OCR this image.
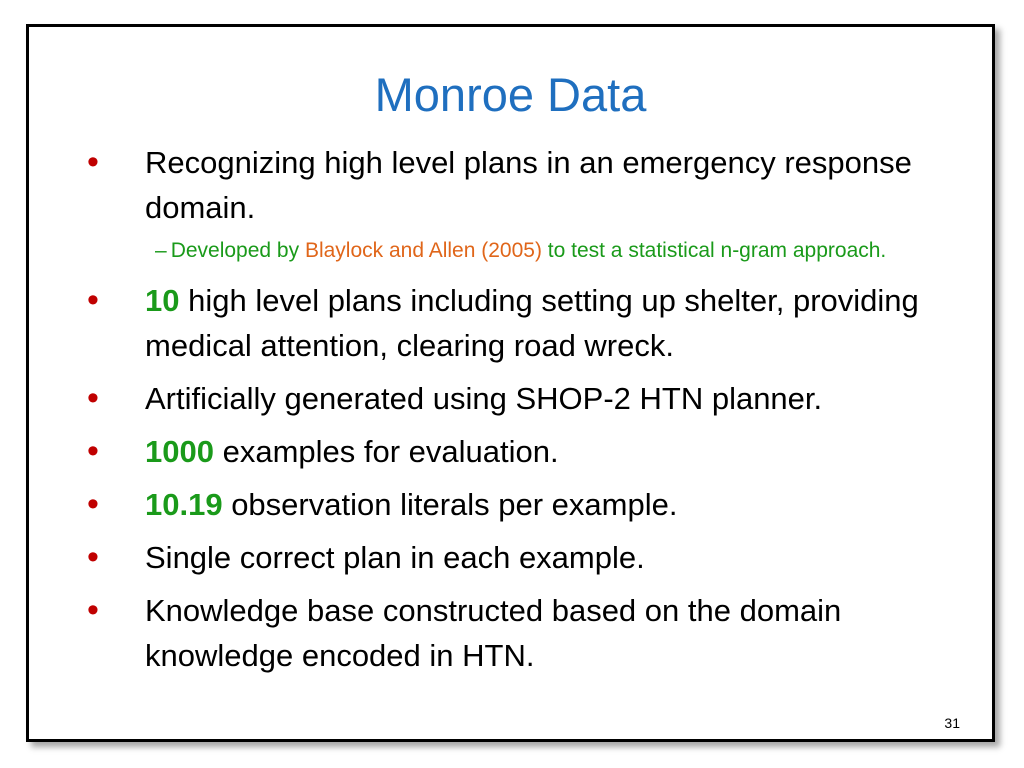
Monroe Data
• Recognizing high level plans in an emergency response domain.
– Developed by Blaylock and Allen (2005) to test a statistical n-gram approach.
• 10 high level plans including setting up shelter, providing medical attention, clearing road wreck.
• Artificially generated using SHOP-2 HTN planner.
• 1000 examples for evaluation.
• 10.19 observation literals per example.
• Single correct plan in each example.
• Knowledge base constructed based on the domain knowledge encoded in HTN.
31
